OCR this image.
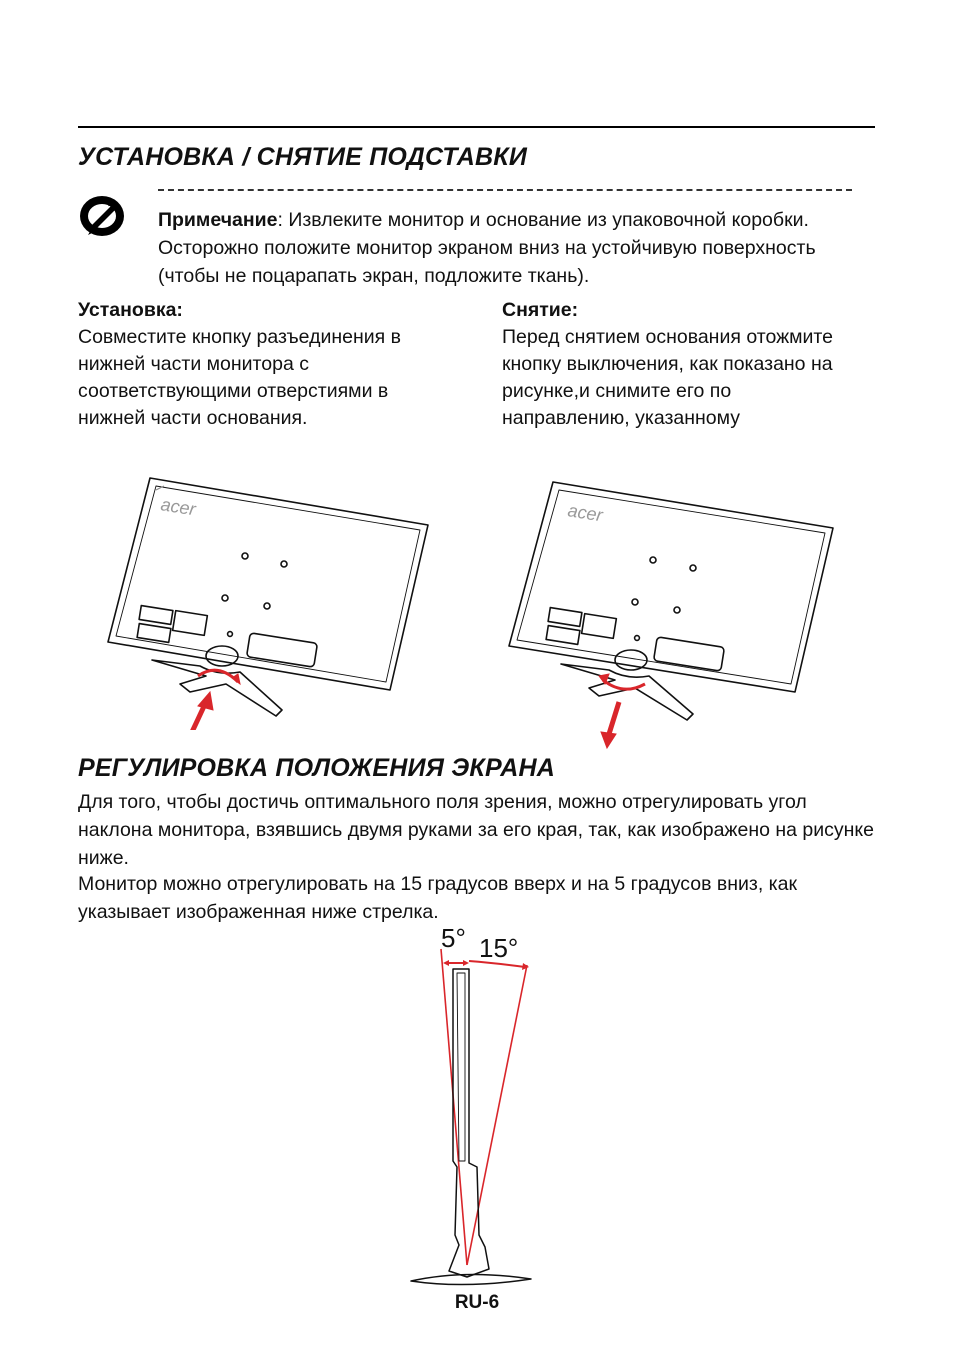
УСТАНОВКА / СНЯТИЕ ПОДСТАВКИ
Примечание: Извлеките монитор и основание из упаковочной коробки. Осторожно положите монитор экраном вниз на устойчивую поверхность (чтобы не поцарапать экран, подложите ткань).
Установка:
Совместите кнопку разъединения в нижней части монитора с соответствующими отверстиями в нижней части основания.
Снятие:
Перед снятием основания отожмите кнопку выключения, как показано на рисунке,и снимите его по направлению, указанному
acer	acer
РЕГУЛИРОВКА ПОЛОЖЕНИЯ ЭКРАНА

Для того, чтобы достичь оптимального поля зрения, можно отрегулировать угол наклона монитора, взявшись двумя руками за его края, так, как изображено на рисунке ниже.

Монитор можно отрегулировать на 15 градусов вверх и на 5 градусов вниз, как указывает изображенная ниже стрелка.

5° 15°
RU-6
